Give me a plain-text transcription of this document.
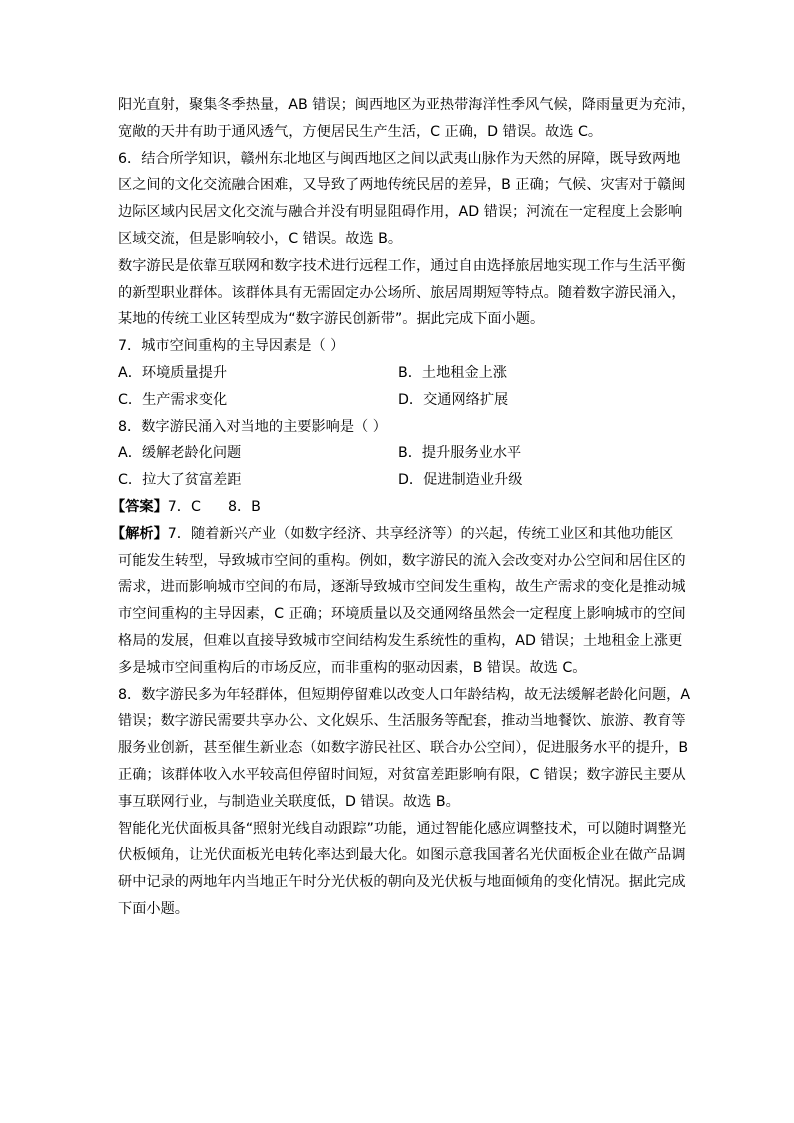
阳光直射，聚集冬季热量，AB 错误；闽西地区为亚热带海洋性季风气候，降雨量更为充沛，
宽敞的天井有助于通风透气，方便居民生产生活，C 正确，D 错误。故选 C。
6．结合所学知识，赣州东北地区与闽西地区之间以武夷山脉作为天然的屏障，既导致两地
区之间的文化交流融合困难，又导致了两地传统民居的差异，B 正确；气候、灾害对于赣闽
边际区域内民居文化交流与融合并没有明显阻碍作用，AD 错误；河流在一定程度上会影响
区域交流，但是影响较小，C 错误。故选 B。
数字游民是依靠互联网和数字技术进行远程工作，通过自由选择旅居地实现工作与生活平衡
的新型职业群体。该群体具有无需固定办公场所、旅居周期短等特点。随着数字游民涌入，
某地的传统工业区转型成为“数字游民创新带”。据此完成下面小题。
7．城市空间重构的主导因素是（ ）
A．环境质量提升	B．土地租金上涨
C．生产需求变化	D．交通网络扩展
8．数字游民涌入对当地的主要影响是（ ）
A．缓解老龄化问题	B．提升服务业水平
C．拉大了贫富差距	D．促进制造业升级
【答案】7．C      8．B
【解析】7．随着新兴产业（如数字经济、共享经济等）的兴起，传统工业区和其他功能区
可能发生转型，导致城市空间的重构。例如，数字游民的流入会改变对办公空间和居住区的
需求，进而影响城市空间的布局，逐渐导致城市空间发生重构，故生产需求的变化是推动城
市空间重构的主导因素，C 正确；环境质量以及交通网络虽然会一定程度上影响城市的空间
格局的发展，但难以直接导致城市空间结构发生系统性的重构，AD 错误；土地租金上涨更
多是城市空间重构后的市场反应，而非重构的驱动因素，B 错误。故选 C。
8．数字游民多为年轻群体，但短期停留难以改变人口年龄结构，故无法缓解老龄化问题，A
错误；数字游民需要共享办公、文化娱乐、生活服务等配套，推动当地餐饮、旅游、教育等
服务业创新，甚至催生新业态（如数字游民社区、联合办公空间），促进服务水平的提升，B
正确；该群体收入水平较高但停留时间短，对贫富差距影响有限，C 错误；数字游民主要从
事互联网行业，与制造业关联度低，D 错误。故选 B。
智能化光伏面板具备“照射光线自动跟踪”功能，通过智能化感应调整技术，可以随时调整光
伏板倾角，让光伏面板光电转化率达到最大化。如图示意我国著名光伏面板企业在做产品调
研中记录的两地年内当地正午时分光伏板的朝向及光伏板与地面倾角的变化情况。据此完成
下面小题。
